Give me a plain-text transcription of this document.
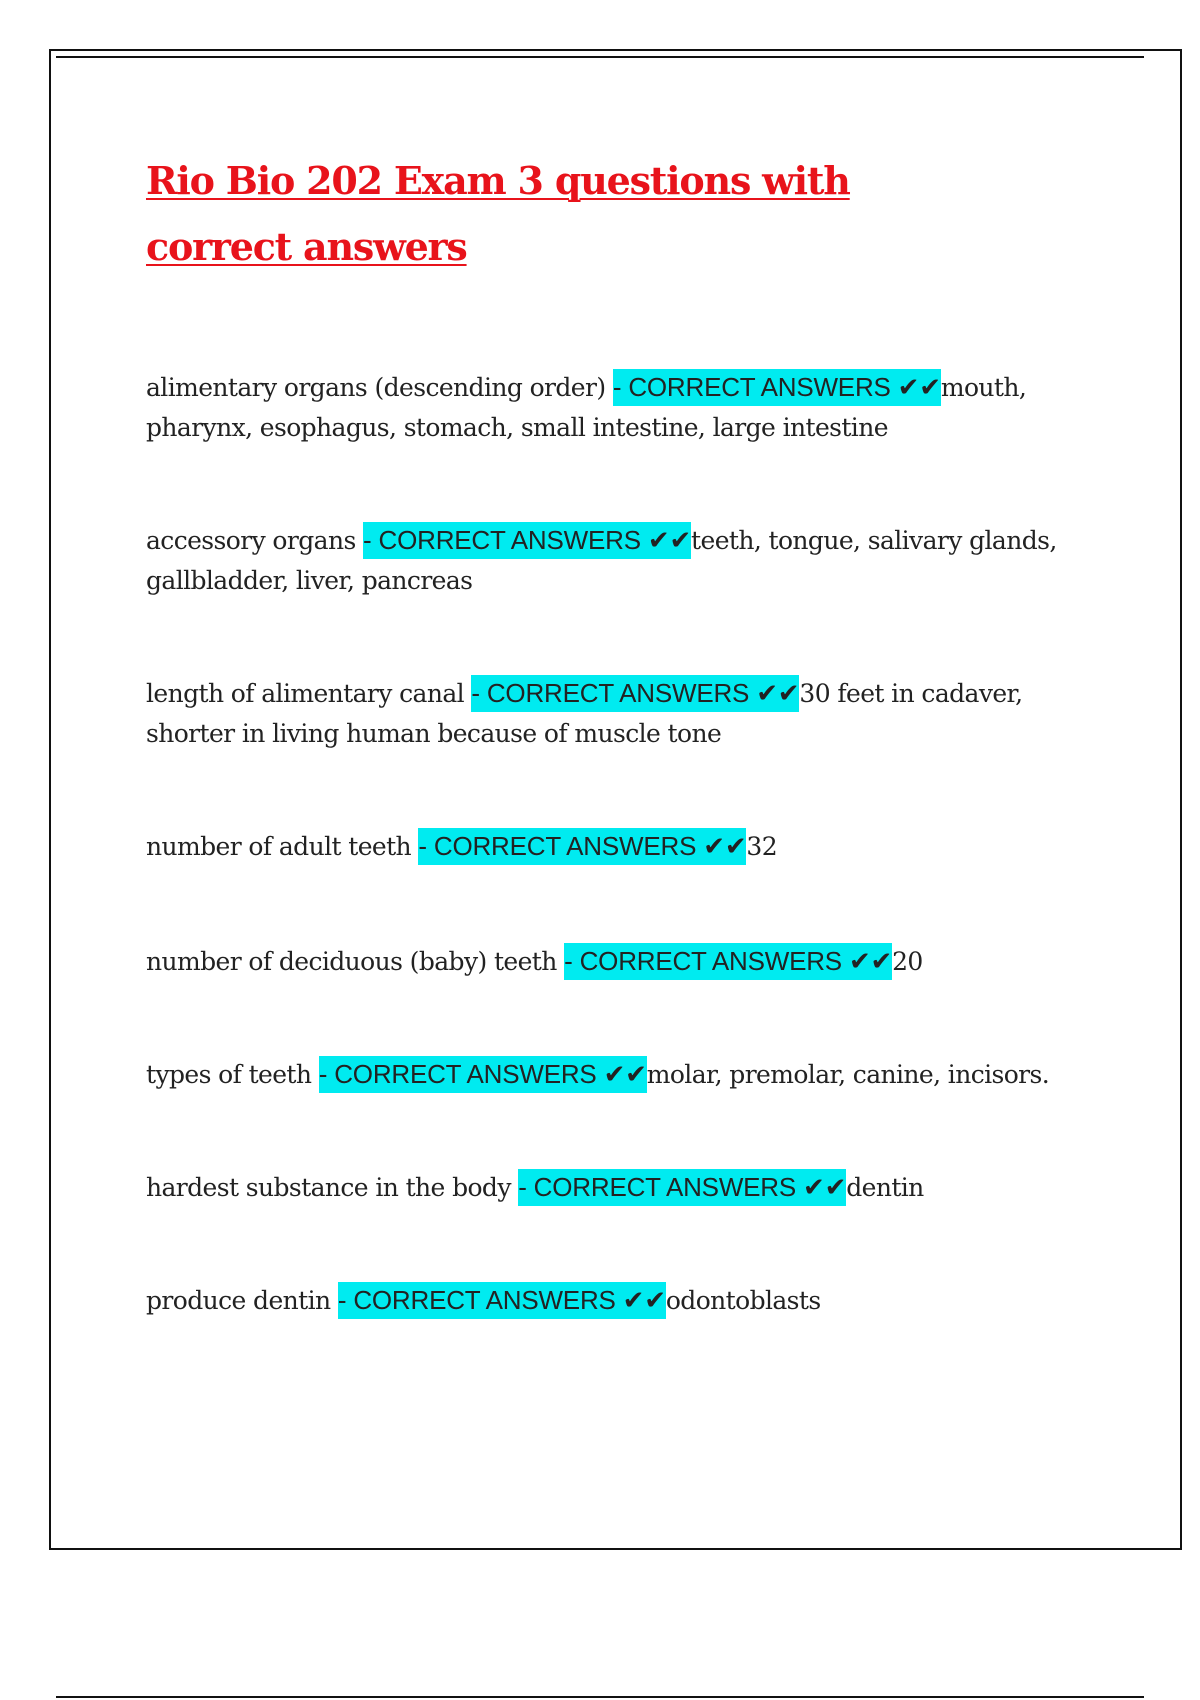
Rio Bio 202 Exam 3 questions with correct answers

alimentary organs (descending order) - CORRECT ANSWERS ✔✔mouth, pharynx, esophagus, stomach, small intestine, large intestine

accessory organs - CORRECT ANSWERS ✔✔teeth, tongue, salivary glands, gallbladder, liver, pancreas

length of alimentary canal - CORRECT ANSWERS ✔✔30 feet in cadaver, shorter in living human because of muscle tone

number of adult teeth - CORRECT ANSWERS ✔✔32

number of deciduous (baby) teeth - CORRECT ANSWERS ✔✔20

types of teeth - CORRECT ANSWERS ✔✔molar, premolar, canine, incisors.

hardest substance in the body - CORRECT ANSWERS ✔✔dentin

produce dentin - CORRECT ANSWERS ✔✔odontoblasts
